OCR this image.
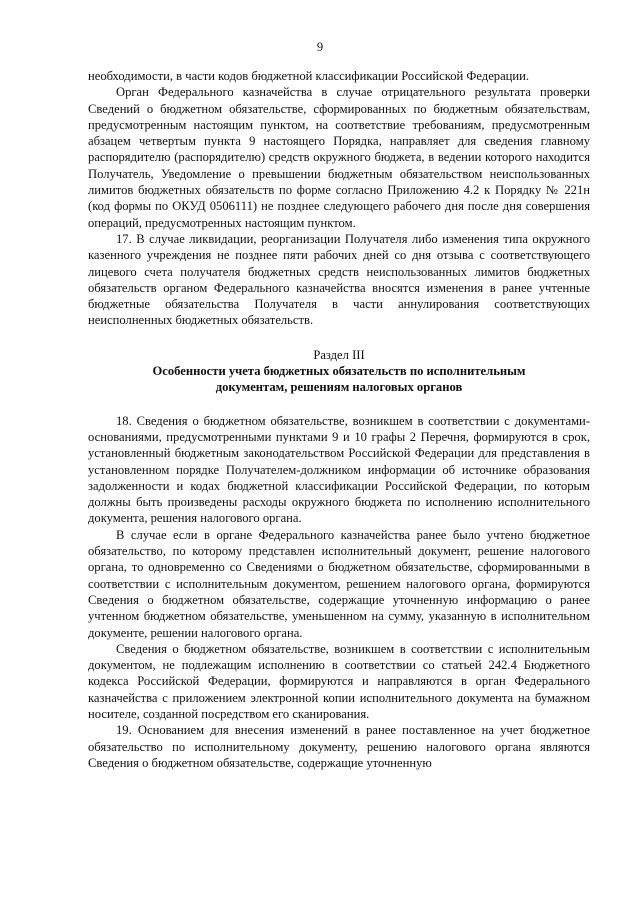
9

необходимости, в части кодов бюджетной классификации Российской Федерации.

Орган Федерального казначейства в случае отрицательного результата проверки Сведений о бюджетном обязательстве, сформированных по бюджетным обязательствам, предусмотренным настоящим пунктом, на соответствие требованиям, предусмотренным абзацем четвертым пункта 9 настоящего Порядка, направляет для сведения главному распорядителю (распорядителю) средств окружного бюджета, в ведении которого находится Получатель, Уведомление о превышении бюджетным обязательством неиспользованных лимитов бюджетных обязательств по форме согласно Приложению 4.2 к Порядку № 221н (код формы по ОКУД 0506111) не позднее следующего рабочего дня после дня совершения операций, предусмотренных настоящим пунктом.

17. В случае ликвидации, реорганизации Получателя либо изменения типа окружного казенного учреждения не позднее пяти рабочих дней со дня отзыва с соответствующего лицевого счета получателя бюджетных средств неиспользованных лимитов бюджетных обязательств органом Федерального казначейства вносятся изменения в ранее учтенные бюджетные обязательства Получателя в части аннулирования соответствующих неисполненных бюджетных обязательств.

Раздел III
Особенности учета бюджетных обязательств по исполнительным
документам, решениям налоговых органов

18. Сведения о бюджетном обязательстве, возникшем в соответствии с документами-основаниями, предусмотренными пунктами 9 и 10 графы 2 Перечня, формируются в срок, установленный бюджетным законодательством Российской Федерации для представления в установленном порядке Получателем-должником информации об источнике образования задолженности и кодах бюджетной классификации Российской Федерации, по которым должны быть произведены расходы окружного бюджета по исполнению исполнительного документа, решения налогового органа.

В случае если в органе Федерального казначейства ранее было учтено бюджетное обязательство, по которому представлен исполнительный документ, решение налогового органа, то одновременно со Сведениями о бюджетном обязательстве, сформированными в соответствии с исполнительным документом, решением налогового органа, формируются Сведения о бюджетном обязательстве, содержащие уточненную информацию о ранее учтенном бюджетном обязательстве, уменьшенном на сумму, указанную в исполнительном документе, решении налогового органа.

Сведения о бюджетном обязательстве, возникшем в соответствии с исполнительным документом, не подлежащим исполнению в соответствии со статьей 242.4 Бюджетного кодекса Российской Федерации, формируются и направляются в орган Федерального казначейства с приложением электронной копии исполнительного документа на бумажном носителе, созданной посредством его сканирования.

19. Основанием для внесения изменений в ранее поставленное на учет бюджетное обязательство по исполнительному документу, решению налогового органа являются Сведения о бюджетном обязательстве, содержащие уточненную
